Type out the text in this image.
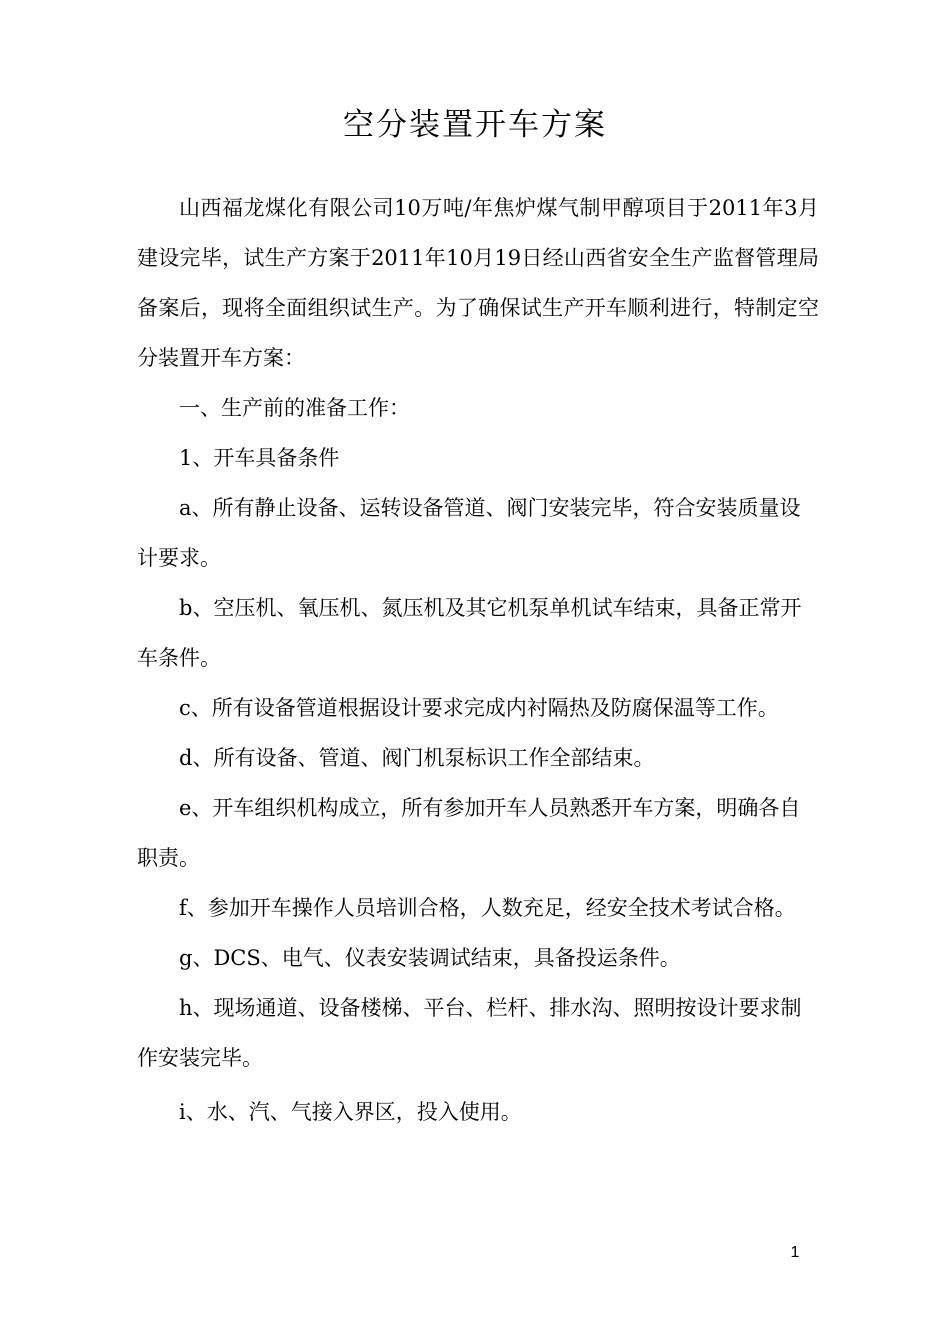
空分装置开车方案

山西福龙煤化有限公司10万吨/年焦炉煤气制甲醇项目于2011年3月建设完毕，试生产方案于2011年10月19日经山西省安全生产监督管理局备案后，现将全面组织试生产。为了确保试生产开车顺利进行，特制定空分装置开车方案：

一、生产前的准备工作：

1、开车具备条件

a、所有静止设备、运转设备管道、阀门安装完毕，符合安装质量设计要求。

b、空压机、氧压机、氮压机及其它机泵单机试车结束，具备正常开车条件。

c、所有设备管道根据设计要求完成内衬隔热及防腐保温等工作。

d、所有设备、管道、阀门机泵标识工作全部结束。

e、开车组织机构成立，所有参加开车人员熟悉开车方案，明确各自职责。

f、参加开车操作人员培训合格，人数充足，经安全技术考试合格。

g、DCS、电气、仪表安装调试结束，具备投运条件。

h、现场通道、设备楼梯、平台、栏杆、排水沟、照明按设计要求制作安装完毕。

i、水、汽、气接入界区，投入使用。

1
